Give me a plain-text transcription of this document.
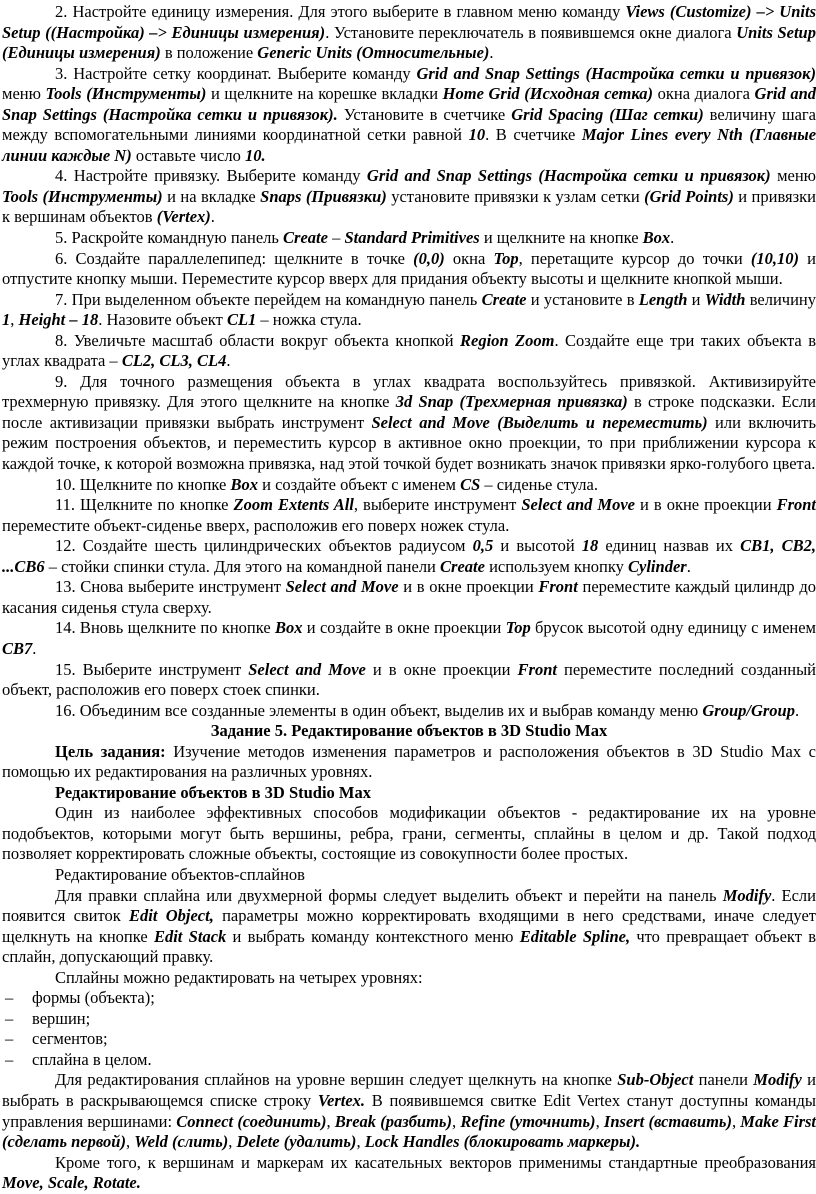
2. Настройте единицу измерения. Для этого выберите в главном меню команду Views (Customize) –> Units Setup ((Настройка) –> Единицы измерения). Установите переключатель в появившемся окне диалога Units Setup (Единицы измерения) в положение Generic Units (Относительные).

3. Настройте сетку координат. Выберите команду Grid and Snap Settings (Настройка сетки и привязок) меню Tools (Инструменты) и щелкните на корешке вкладки Home Grid (Исходная сетка) окна диалога Grid and Snap Settings (Настройка сетки и привязок). Установите в счетчике Grid Spacing (Шаг сетки) величину шага между вспомогательными линиями координатной сетки равной 10. В счетчике Major Lines every Nth (Главные линии каждые N) оставьте число 10.

4. Настройте привязку. Выберите команду Grid and Snap Settings (Настройка сетки и привязок) меню Tools (Инструменты) и на вкладке Snaps (Привязки) установите привязки к узлам сетки (Grid Points) и привязки к вершинам объектов (Vertex).

5. Раскройте командную панель Create – Standard Primitives и щелкните на кнопке Box.

6. Создайте параллелепипед: щелкните в точке (0,0) окна Top, перетащите курсор до точки (10,10) и отпустите кнопку мыши. Переместите курсор вверх для придания объекту высоты и щелкните кнопкой мыши.

7. При выделенном объекте перейдем на командную панель Create и установите в Length и Width величину 1, Height – 18. Назовите объект CL1 – ножка стула.

8. Увеличьте масштаб области вокруг объекта кнопкой Region Zoom. Создайте еще три таких объекта в углах квадрата – CL2, CL3, CL4.

9. Для точного размещения объекта в углах квадрата воспользуйтесь привязкой. Активизируйте трехмерную привязку. Для этого щелкните на кнопке 3d Snap (Трехмерная привязка) в строке подсказки. Если после активизации привязки выбрать инструмент Select and Move (Выделить и переместить) или включить режим построения объектов, и переместить курсор в активное окно проекции, то при приближении курсора к каждой точке, к которой возможна привязка, над этой точкой будет возникать значок привязки ярко-голубого цвета.

10. Щелкните по кнопке Box и создайте объект с именем CS – сиденье стула.

11. Щелкните по кнопке Zoom Extents All, выберите инструмент Select and Move и в окне проекции Front переместите объект-сиденье вверх, расположив его поверх ножек стула.

12. Создайте шесть цилиндрических объектов радиусом 0,5 и высотой 18 единиц назвав их CB1, CB2, ...CB6 – стойки спинки стула. Для этого на командной панели Create используем кнопку Cylinder.

13. Снова выберите инструмент Select and Move и в окне проекции Front переместите каждый цилиндр до касания сиденья стула сверху.

14. Вновь щелкните по кнопке Box и создайте в окне проекции Top брусок высотой одну единицу с именем CB7.

15. Выберите инструмент Select and Move и в окне проекции Front переместите последний созданный объект, расположив его поверх стоек спинки.

16. Объединим все созданные элементы в один объект, выделив их и выбрав команду меню Group/Group.

Задание 5. Редактирование объектов в 3D Studio Max

Цель задания: Изучение методов изменения параметров и расположения объектов в 3D Studio Max с помощью их редактирования на различных уровнях.

Редактирование объектов в 3D Studio Max

Один из наиболее эффективных способов модификации объектов - редактирование их на уровне подобъектов, которыми могут быть вершины, ребра, грани, сегменты, сплайны в целом и др. Такой подход позволяет корректировать сложные объекты, состоящие из совокупности более простых.

Редактирование объектов-сплайнов

Для правки сплайна или двухмерной формы следует выделить объект и перейти на панель Modify. Если появится свиток Edit Object, параметры можно корректировать входящими в него средствами, иначе следует щелкнуть на кнопке Edit Stack и выбрать команду контекстного меню Editable Spline, что превращает объект в сплайн, допускающий правку.

Сплайны можно редактировать на четырех уровнях:

– формы (объекта);

– вершин;

– сегментов;

– сплайна в целом.

Для редактирования сплайнов на уровне вершин следует щелкнуть на кнопке Sub-Object панели Modify и выбрать в раскрывающемся списке строку Vertex. В появившемся свитке Edit Vertex станут доступны команды управления вершинами: Connect (соединить), Break (разбить), Refine (уточнить), Insert (вставить), Make First (сделать первой), Weld (слить), Delete (удалить), Lock Handles (блокировать маркеры).

Кроме того, к вершинам и маркерам их касательных векторов применимы стандартные преобразования Move, Scale, Rotate.
